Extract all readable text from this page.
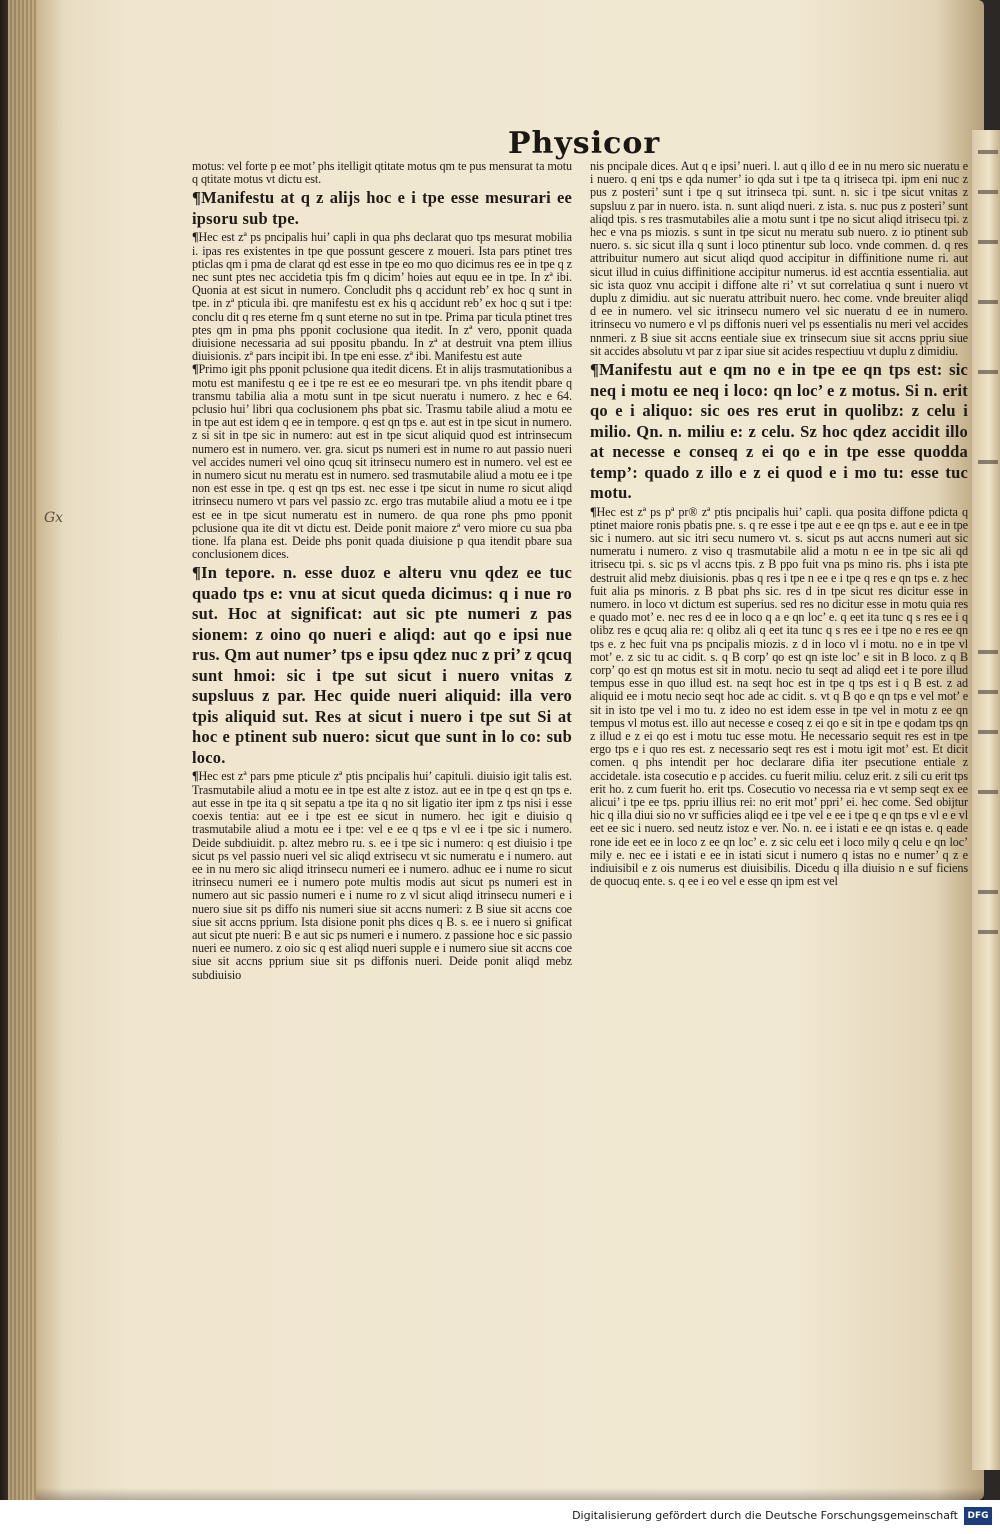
Physicor
Gx

motus: vel forte p ee mot’ phs itelligit qtitate motus qm te pus mensurat ta motu q qtitate motus vt dictu est.

¶ Manifestu at q z alijs hoc e i tpe esse mesurari ee ipsoru sub tpe.

¶ Hec est zª ps pncipalis hui’ capli in qua phs declarat quo tps mesurat mobilia i. ipas res existentes in tpe que possunt gescere z moueri. Ista pars ptinet tres pticlas qm i pma de clarat qd est esse in tpe eo mo quo dicimus res ee in tpe q z nec sunt ptes nec accidetia tpis fm q dicim’ hoies aut equu ee in tpe. In zª ibi. Quonia at est sicut in numero. Concludit phs q accidunt reb’ ex hoc q sunt in tpe. in zª pticula ibi. qre manifestu est ex his q accidunt reb’ ex hoc q sut i tpe: conclu dit q res eterne fm q sunt eterne no sut in tpe. Prima par ticula ptinet tres ptes qm in pma phs pponit coclusione qua itedit. In zª vero, pponit quada diuisione necessaria ad sui ppositu pbandu. In zª at destruit vna ptem illius diuisionis. zª pars incipit ibi. In tpe eni esse. zª ibi. Manifestu est aute

¶ Primo igit phs pponit pclusione qua itedit dicens. Et in alijs trasmutationibus a motu est manifestu q ee i tpe re est ee eo mesurari tpe. vn phs itendit pbare q transmu tabilia alia a motu sunt in tpe sicut nueratu i numero. z hec e 64. pclusio hui’ libri qua coclusionem phs pbat sic. Trasmu tabile aliud a motu ee in tpe aut est idem q ee in tempore. q est qn tps e. aut est in tpe sicut in numero. z si sit in tpe sic in numero: aut est in tpe sicut aliquid quod est intrinsecum numero est in numero. ver. gra. sicut ps numeri est in nume ro aut passio nueri vel accides numeri vel oino qcuq sit itrinsecu numero est in numero. vel est ee in numero sicut nu meratu est in numero. sed trasmutabile aliud a motu ee i tpe non est esse in tpe. q est qn tps est. nec esse i tpe sicut in nume ro sicut aliqd itrinsecu numero vt pars vel passio zc. ergo tras mutabile aliud a motu ee i tpe est ee in tpe sicut numeratu est in numero. de qua rone phs pmo pponit pclusione qua ite dit vt dictu est. Deide ponit maiore zª vero miore cu sua pba tione. lfa plana est. Deide phs ponit quada diuisione p qua itendit pbare sua conclusionem dices.

¶ In tepore. n. esse duoz e alteru vnu qdez ee tuc quado tps e: vnu at sicut queda dicimus: q i nue ro sut. Hoc at significat: aut sic pte numeri z pas sionem: z oino qo nueri e aliqd: aut qo e ipsi nue rus. Qm aut numer’ tps e ipsu qdez nuc z pri’ z qcuq sunt hmoi: sic i tpe sut sicut i nuero vnitas z supsluus z par. Hec quide nueri aliquid: illa vero tpis aliquid sut. Res at sicut i nuero i tpe sut Si at hoc e ptinent sub nuero: sicut que sunt in lo co: sub loco.

¶ Hec est zª pars pme pticule zª ptis pncipalis hui’ capituli. diuisio igit talis est. Trasmutabile aliud a motu ee in tpe est alte z istoz. aut ee in tpe q est qn tps e. aut esse in tpe ita q sit sepatu a tpe ita q no sit ligatio iter ipm z tps nisi i esse coexis tentia: aut ee i tpe est ee sicut in numero. hec igit e diuisio q trasmutabile aliud a motu ee i tpe: vel e ee q tps e vl ee i tpe sic i numero. Deide subdiuidit. p. altez mebro ru. s. ee i tpe sic i numero: q est diuisio i tpe sicut ps vel passio nueri vel sic aliqd extrisecu vt sic numeratu e i numero. aut ee in nu mero sic aliqd itrinsecu numeri ee i numero. adhuc ee i nume ro sicut itrinsecu numeri ee i numero pote multis modis aut sicut ps numeri est in numero aut sic passio numeri e i nume ro z vl sicut aliqd itrinsecu numeri e i nuero siue sit ps diffo nis numeri siue sit accns numeri: z B siue sit accns coe siue sit accns pprium. Ista disione ponit phs dices q B. s. ee i nuero si gnificat aut sicut pte nueri: B e aut sic ps numeri e i numero. z passione hoc e sic passio nueri ee numero. z oio sic q est aliqd nueri supple e i numero siue sit accns coe siue sit accns pprium siue sit ps diffonis nueri. Deide ponit aliqd mebz subdiuisio

nis pncipale dices. Aut q e ipsi’ nueri. l. aut q illo d ee in nu mero sic nueratu e i nuero. q eni tps e qda numer’ io qda sut i tpe ta q itriseca tpi. ipm eni nuc z pus z posteri’ sunt i tpe q sut itrinseca tpi. sunt. n. sic i tpe sicut vnitas z supsluu z par in nuero. ista. n. sunt aliqd nueri. z ista. s. nuc pus z posteri’ sunt aliqd tpis. s res trasmutabiles alie a motu sunt i tpe no sicut aliqd itrisecu tpi. z hec e vna ps miozis. s sunt in tpe sicut nu meratu sub nuero. z io ptinent sub nuero. s. sic sicut illa q sunt i loco ptinentur sub loco. vnde commen. d. q res attribuitur numero aut sicut aliqd quod accipitur in diffinitione nume ri. aut sicut illud in cuius diffinitione accipitur numerus. id est accntia essentialia. aut sic ista quoz vnu accipit i diffone alte ri’ vt sut correlatiua q sunt i nuero vt duplu z dimidiu. aut sic nueratu attribuit nuero. hec come. vnde breuiter aliqd d ee in numero. vel sic itrinsecu numero vel sic nueratu d ee in numero. itrinsecu vo numero e vl ps diffonis nueri vel ps essentialis nu meri vel accides nnmeri. z B siue sit accns eentiale siue ex trinsecum siue sit accns ppriu siue sit accides absolutu vt par z ipar siue sit acides respectiuu vt duplu z dimidiu.

¶ Manifestu aut e qm no e in tpe ee qn tps est: sic neq i motu ee neq i loco: qn loc’ e z motus. Si n. erit qo e i aliquo: sic oes res erut in quolibz: z celu i milio. Qn. n. miliu e: z celu. Sz hoc qdez accidit illo at necesse e conseq z ei qo e in tpe esse quodda temp’: quado z illo e z ei quod e i mo tu: esse tuc motu.

¶ Hec est zª ps pª pr® zª ptis pncipalis hui’ capli. qua posita diffone pdicta q ptinet maiore ronis pbatis pne. s. q re esse i tpe aut e ee qn tps e. aut e ee in tpe sic i numero. aut sic itri secu numero vt. s. sicut ps aut accns numeri aut sic numeratu i numero. z viso q trasmutabile alid a motu n ee in tpe sic ali qd itrisecu tpi. s. sic ps vl accns tpis. z B ppo fuit vna ps mino ris. phs i ista pte destruit alid mebz diuisionis. pbas q res i tpe n ee e i tpe q res e qn tps e. z hec fuit alia ps minoris. z B pbat phs sic. res d in tpe sicut res dicitur esse in numero. in loco vt dictum est superius. sed res no dicitur esse in motu quia res e quado mot’ e. nec res d ee in loco q a e qn loc’ e. q eet ita tunc q s res ee i q olibz res e qcuq alia re: q olibz ali q eet ita tunc q s res ee i tpe no e res ee qn tps e. z hec fuit vna ps pncipalis miozis. z d in loco vl i motu. no e in tpe vl mot’ e. z sic tu ac cidit. s. q B corp’ qo est qn iste loc’ e sit in B loco. z q B corp’ qo est qn motus est sit in motu. necio tu seqt ad aliqd eet i te pore illud tempus esse in quo illud est. na seqt hoc est in tpe q tps est i q B est. z ad aliquid ee i motu necio seqt hoc ade ac cidit. s. vt q B qo e qn tps e vel mot’ e sit in isto tpe vel i mo tu. z ideo no est idem esse in tpe vel in motu z ee qn tempus vl motus est. illo aut necesse e coseq z ei qo e sit in tpe e qodam tps qn z illud e z ei qo est i motu tuc esse motu. He necessario sequit res est in tpe ergo tps e i quo res est. z necessario seqt res est i motu igit mot’ est. Et dicit comen. q phs intendit per hoc declarare difia iter psecutione entiale z accidetale. ista cosecutio e p accides. cu fuerit miliu. celuz erit. z sili cu erit tps erit ho. z cum fuerit ho. erit tps. Cosecutio vo necessa ria e vt semp seqt ex ee alicui’ i tpe ee tps. ppriu illius rei: no erit mot’ ppri’ ei. hec come. Sed obijtur hic q illa diui sio no vr sufficies aliqd ee i tpe vel e ee i tpe q e qn tps e vl e e vl eet ee sic i nuero. sed neutz istoz e ver. No. n. ee i istati e ee qn istas e. q eade rone ide eet ee in loco z ee qn loc’ e. z sic celu eet i loco mily q celu e qn loc’ mily e. nec ee i istati e ee in istati sicut i numero q istas no e numer’ q z e indiuisibil e z ois numerus est diuisibilis. Dicedu q illa diuisio n e suf ficiens de quocuq ente. s. q ee i eo vel e esse qn ipm est vel

Digitalisierung gefördert durch die Deutsche Forschungsgemeinschaft	DFG
